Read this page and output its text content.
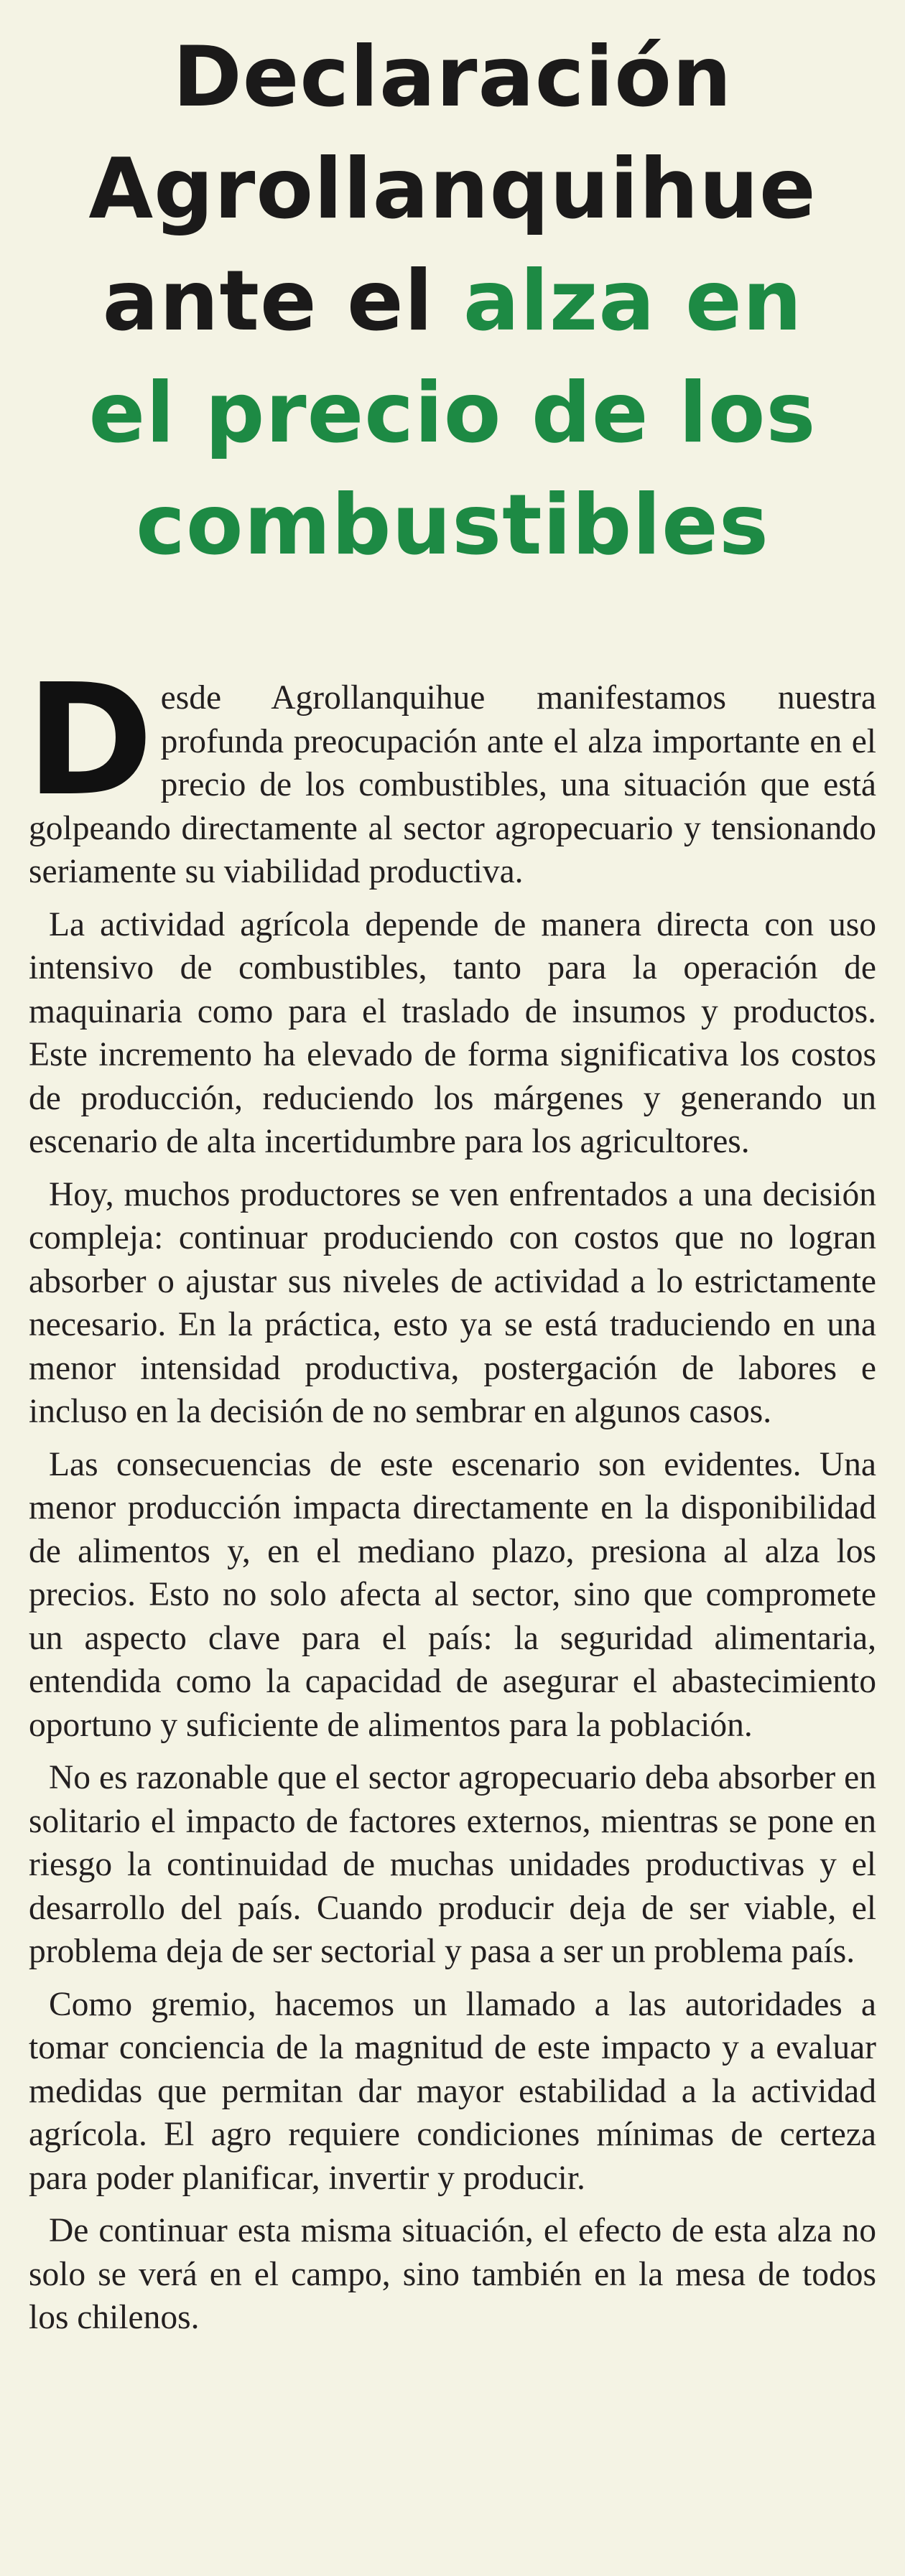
Declaración
Agrollanquihue
ante el alza en
el precio de los
combustibles

Desde Agrollanquihue manifestamos nuestra profunda preocupación ante el alza importante en el precio de los combustibles, una situación que está golpeando directamente al sector agropecuario y tensionando seriamente su viabilidad productiva.

La actividad agrícola depende de manera directa con uso intensivo de combustibles, tanto para la operación de maquinaria como para el traslado de insumos y productos. Este incremento ha elevado de forma significativa los costos de producción, reduciendo los márgenes y generando un escenario de alta incertidumbre para los agricultores.

Hoy, muchos productores se ven enfrentados a una decisión compleja: continuar produciendo con costos que no logran absorber o ajustar sus niveles de actividad a lo estrictamente necesario. En la práctica, esto ya se está traduciendo en una menor intensidad productiva, postergación de labores e incluso en la decisión de no sembrar en algunos casos.

Las consecuencias de este escenario son evidentes. Una menor producción impacta directamente en la disponibilidad de alimentos y, en el mediano plazo, presiona al alza los precios. Esto no solo afecta al sector, sino que compromete un aspecto clave para el país: la seguridad alimentaria, entendida como la capacidad de asegurar el abastecimiento oportuno y suficiente de alimentos para la población.

No es razonable que el sector agropecuario deba absorber en solitario el impacto de factores externos, mientras se pone en riesgo la continuidad de muchas unidades productivas y el desarrollo del país. Cuando producir deja de ser viable, el problema deja de ser sectorial y pasa a ser un problema país.

Como gremio, hacemos un llamado a las autoridades a tomar conciencia de la magnitud de este impacto y a evaluar medidas que permitan dar mayor estabilidad a la actividad agrícola. El agro requiere condiciones mínimas de certeza para poder planificar, invertir y producir.

De continuar esta misma situación, el efecto de esta alza no solo se verá en el campo, sino también en la mesa de todos los chilenos.
